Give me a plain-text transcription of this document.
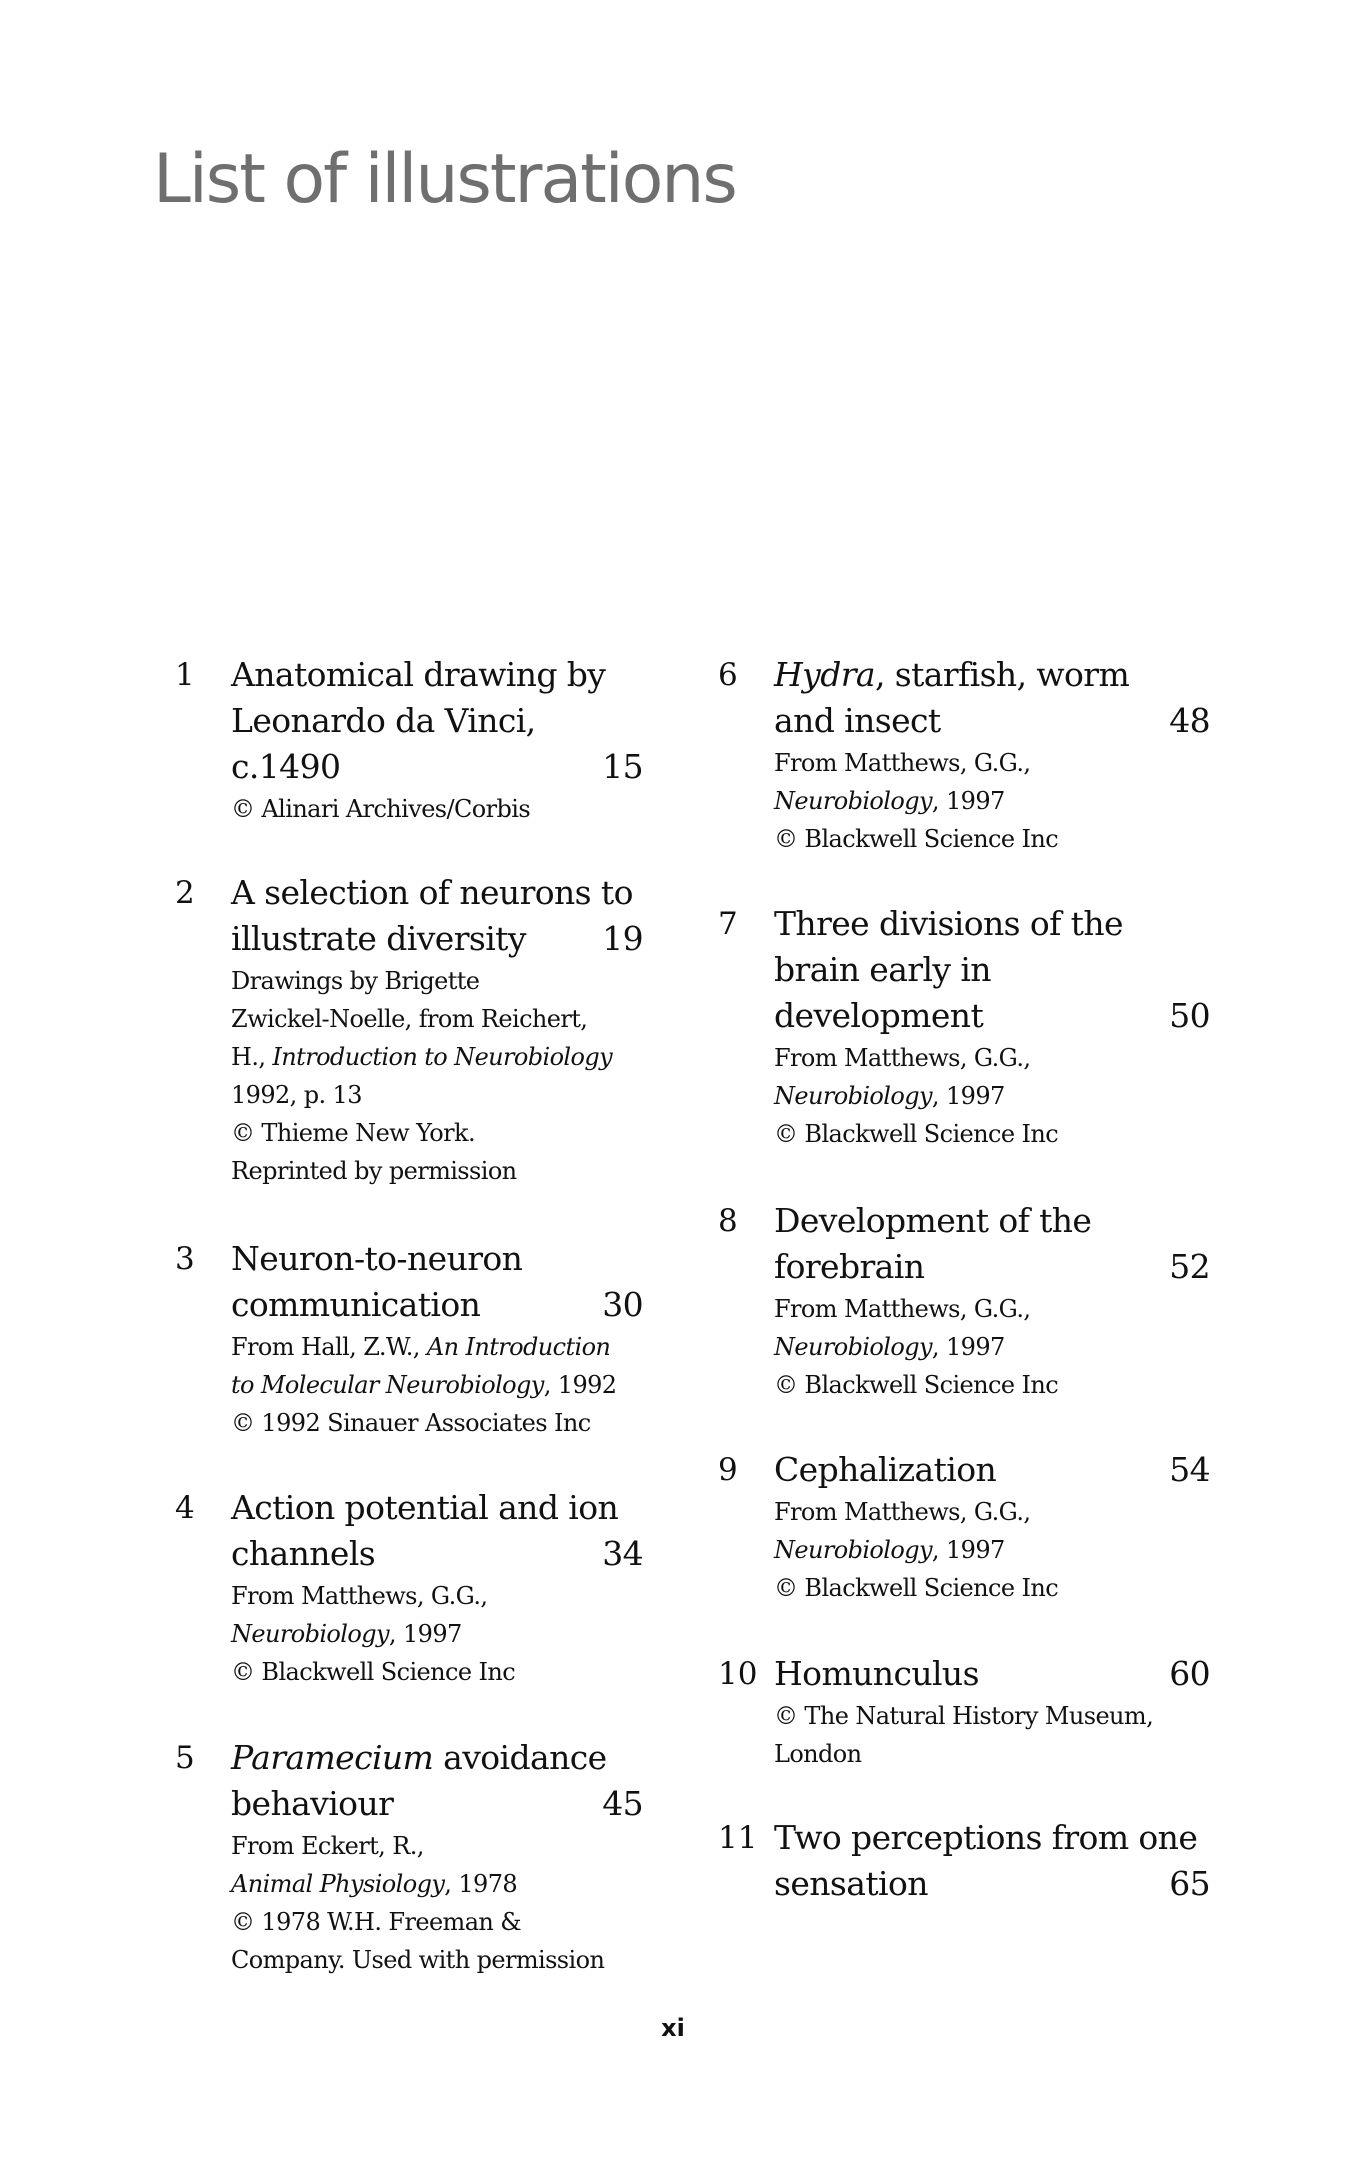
List of illustrations
1 Anatomical drawing by
Leonardo da Vinci,
c.1490	15
© Alinari Archives/Corbis
2 A selection of neurons to
illustrate diversity 19
Drawings by Brigette
Zwickel-Noelle, from Reichert,
H., Introduction to Neurobiology
1992, p. 13
© Thieme New York.
Reprinted by permission
3 Neuron-to-neuron
communication	30
From Hall, Z.W., An Introduction
to Molecular Neurobiology, 1992
© 1992 Sinauer Associates Inc
4 Action potential and ion
channels	34
From Matthews, G.G.,
Neurobiology, 1997
© Blackwell Science Inc
5 Paramecium avoidance
behaviour	45
From Eckert, R.,
Animal Physiology, 1978
© 1978 W.H. Freeman &
Company. Used with permission
6 Hydra, starfish, worm
and insect	48
From Matthews, G.G.,
Neurobiology, 1997
© Blackwell Science Inc
7 Three divisions of the
brain early in
development	50
From Matthews, G.G.,
Neurobiology, 1997
© Blackwell Science Inc
8 Development of the
forebrain	52
From Matthews, G.G.,
Neurobiology, 1997
© Blackwell Science Inc
9 Cephalization	54
From Matthews, G.G.,
Neurobiology, 1997
© Blackwell Science Inc
10 Homunculus	60
© The Natural History Museum,
London
11 Two perceptions from one
sensation	65
xi
